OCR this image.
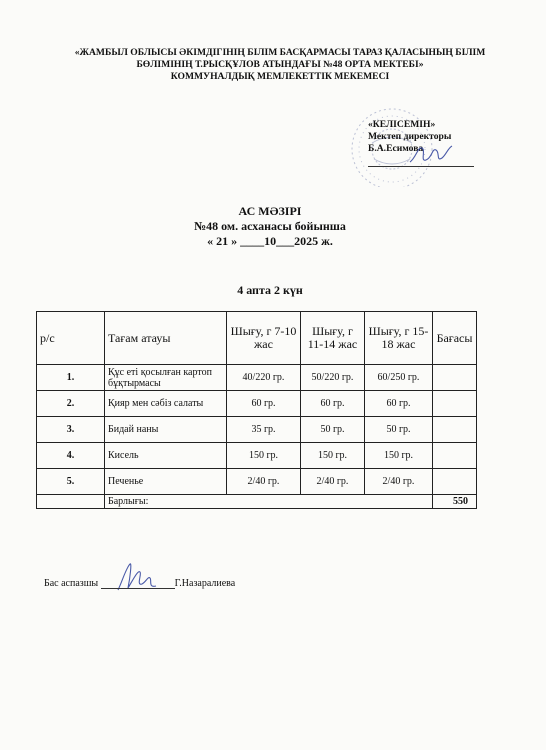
«ЖАМБЫЛ ОБЛЫСЫ ӘКІМДІГІНІҢ БІЛІМ БАСҚАРМАСЫ ТАРАЗ ҚАЛАСЫНЫҢ БІЛІМ
БӨЛІМІНІҢ Т.РЫСҚҰЛОВ АТЫНДАҒЫ №48 ОРТА МЕКТЕБІ»
КОММУНАЛДЫҚ МЕМЛЕКЕТТІК МЕКЕМЕСІ
«КЕЛІСЕМІН»
Мектеп директоры
Б.А.Есимова
АС МӘЗІРІ
№48 ом. асханасы бойынша
« 21 » ____10___2025 ж.
4 апта 2 күн
р/с	Тағам атауы	Шығу, г 7-10 жас	Шығу, г 11-14 жас	Шығу, г 15-18 жас	Бағасы
1.	Құс еті қосылған картоп бұқтырмасы	40/220 гр.	50/220 гр.	60/250 гр.	
2.	Қияр мен сәбіз салаты	60 гр.	60 гр.	60 гр.	
3.	Бидай наны	35 гр.	50 гр.	50 гр.	
4.	Кисель	150 гр.	150 гр.	150 гр.	
5.	Печенье	2/40 гр.	2/40 гр.	2/40 гр.	
	Барлығы:				550
Бас аспазшы	Г.Назаралиева
